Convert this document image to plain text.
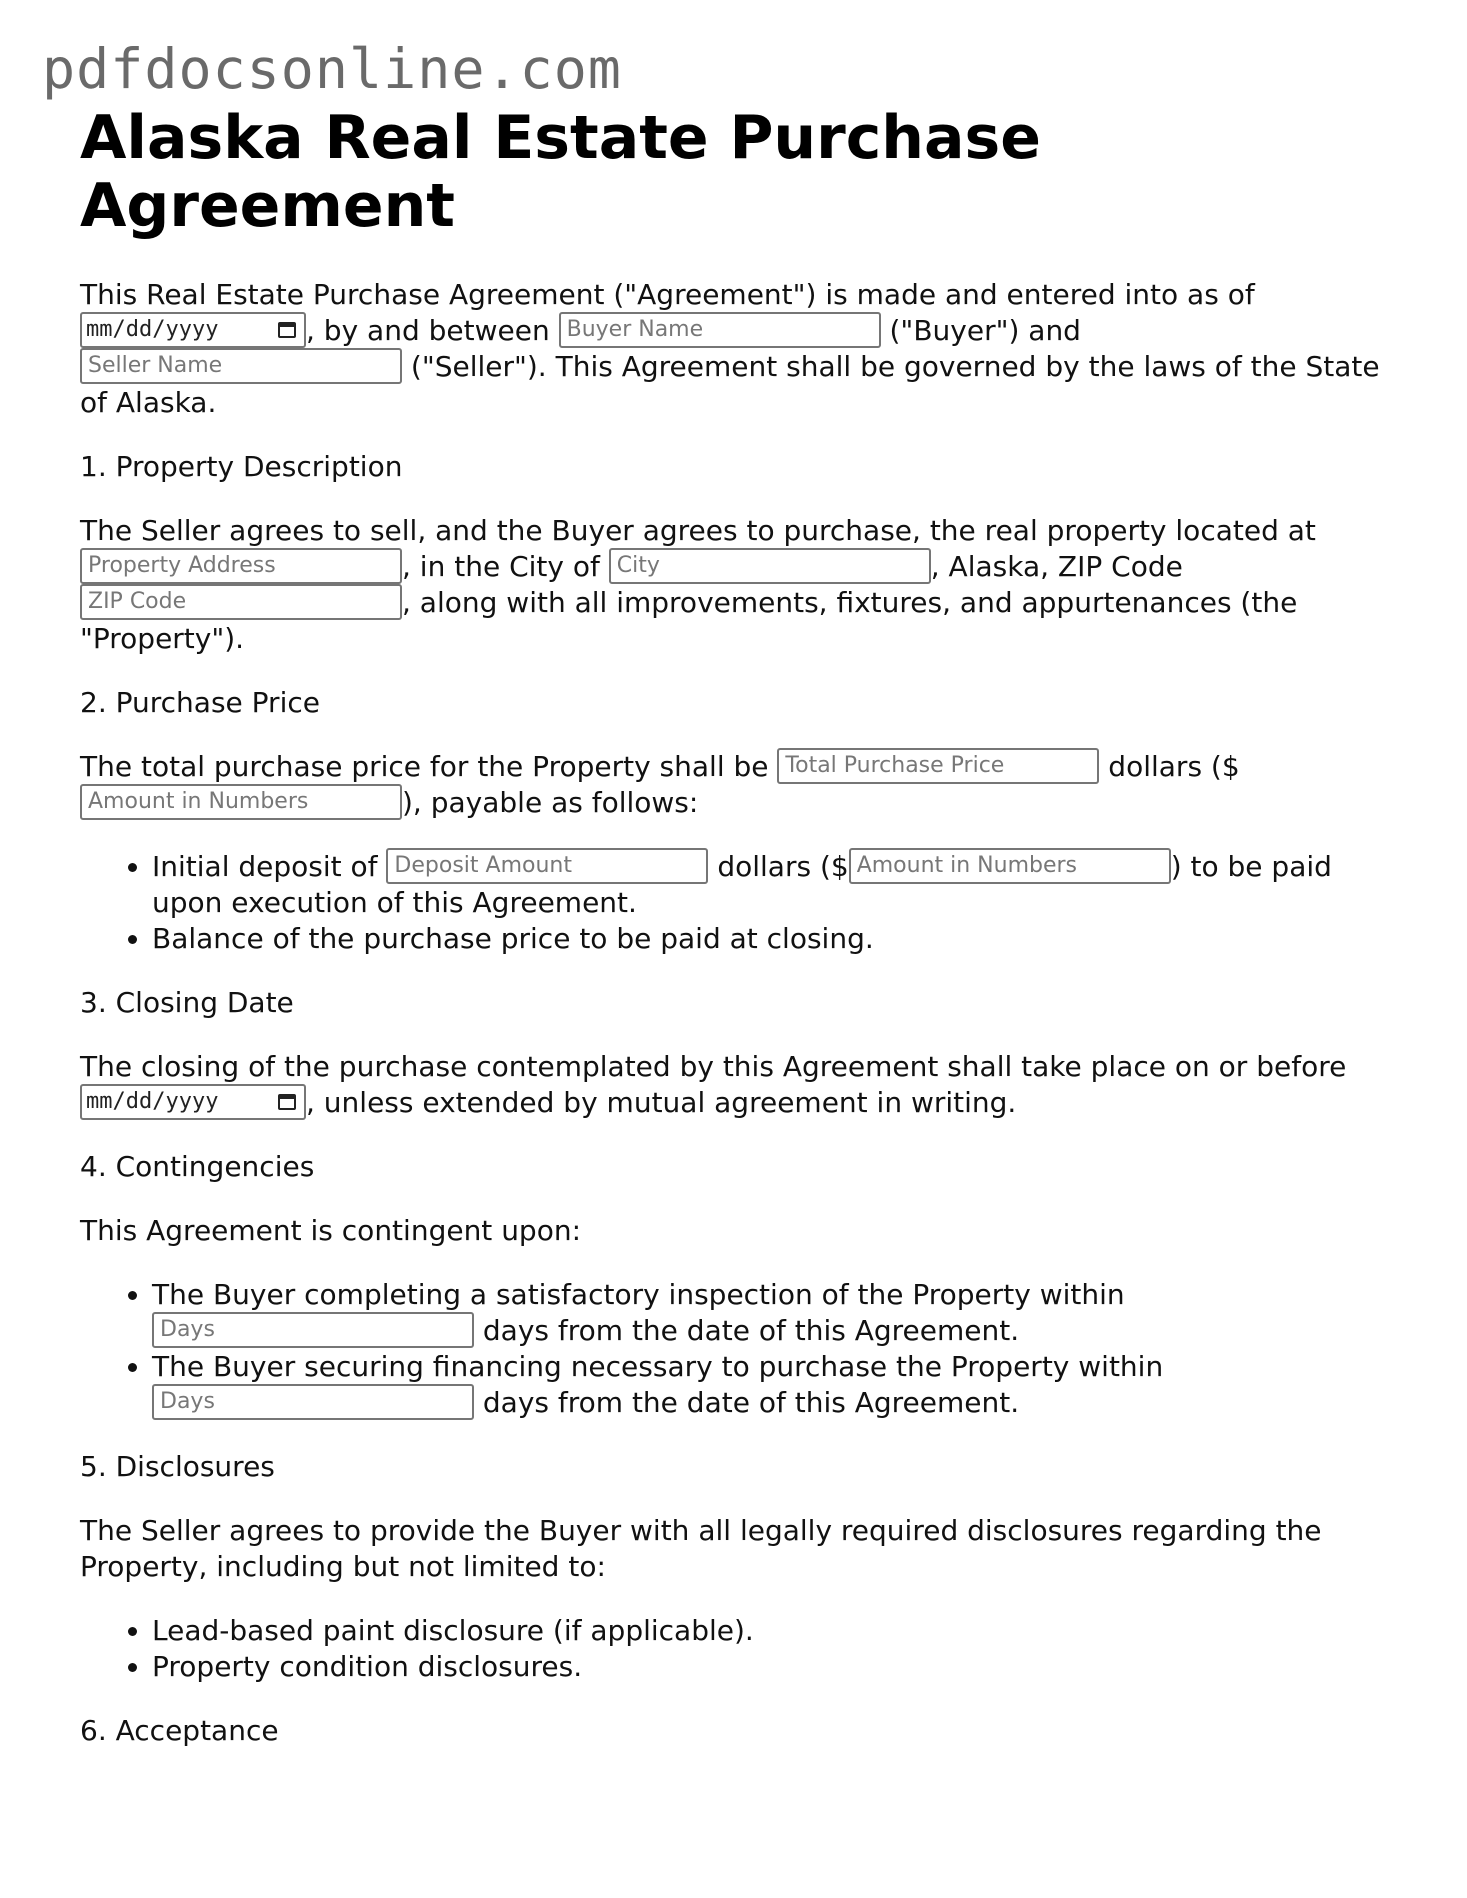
pdfdocsonline.com
Alaska Real Estate Purchase Agreement

This Real Estate Purchase Agreement ("Agreement") is made and entered into as of mm/dd/yyyy	, by and between Buyer Name	("Buyer") and Seller Name	("Seller"). This Agreement shall be governed by the laws of the State of Alaska.

1. Property Description

The Seller agrees to sell, and the Buyer agrees to purchase, the real property located at Property Address	, in the City of City	, Alaska, ZIP Code ZIP Code	, along with all improvements, fixtures, and appurtenances (the "Property").

2. Purchase Price

The total purchase price for the Property shall be Total Purchase Price	dollars ($Amount in Numbers	), payable as follows:

• Initial deposit of Deposit Amount	dollars ($ Amount in Numbers	) to be paid upon execution of this Agreement.
• Balance of the purchase price to be paid at closing.

3. Closing Date

The closing of the purchase contemplated by this Agreement shall take place on or before mm/dd/yyyy	, unless extended by mutual agreement in writing.

4. Contingencies

This Agreement is contingent upon:

• The Buyer completing a satisfactory inspection of the Property within Days	days from the date of this Agreement.
• The Buyer securing financing necessary to purchase the Property within Days	days from the date of this Agreement.

5. Disclosures

The Seller agrees to provide the Buyer with all legally required disclosures regarding the Property, including but not limited to:

• Lead-based paint disclosure (if applicable).
• Property condition disclosures.

6. Acceptance
